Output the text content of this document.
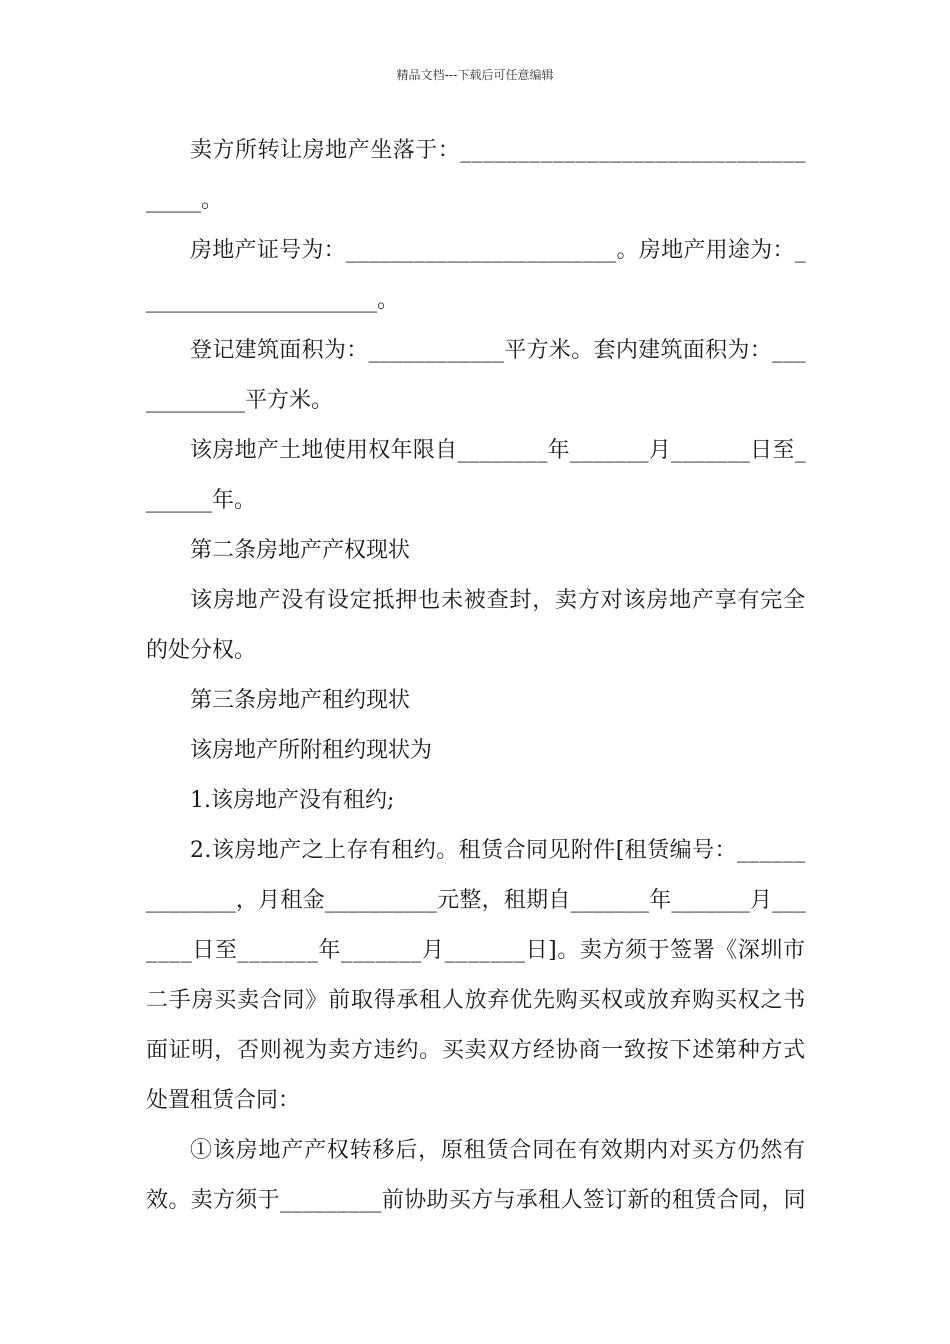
精品文档---下载后可任意编辑
卖方所转让房地产坐落于：______________________________
_____。
房地产证号为：________________________。房地产用途为：_
_____________________。
登记建筑面积为：____________平方米。套内建筑面积为：___
_________平方米。
该房地产土地使用权年限自________年_______月_______日至_
______年。
第二条房地产产权现状
该房地产没有设定抵押也未被查封，卖方对该房地产享有完全
的处分权。
第三条房地产租约现状
该房地产所附租约现状为
1.该房地产没有租约;
2.该房地产之上存有租约。租赁合同见附件[租赁编号：______
________，月租金__________元整，租期自_______年_______月___
____日至_______年_______月_______日]。卖方须于签署《深圳市
二手房买卖合同》前取得承租人放弃优先购买权或放弃购买权之书
面证明，否则视为卖方违约。买卖双方经协商一致按下述第种方式
处置租赁合同：
①该房地产产权转移后，原租赁合同在有效期内对买方仍然有
效。卖方须于_________前协助买方与承租人签订新的租赁合同，同
